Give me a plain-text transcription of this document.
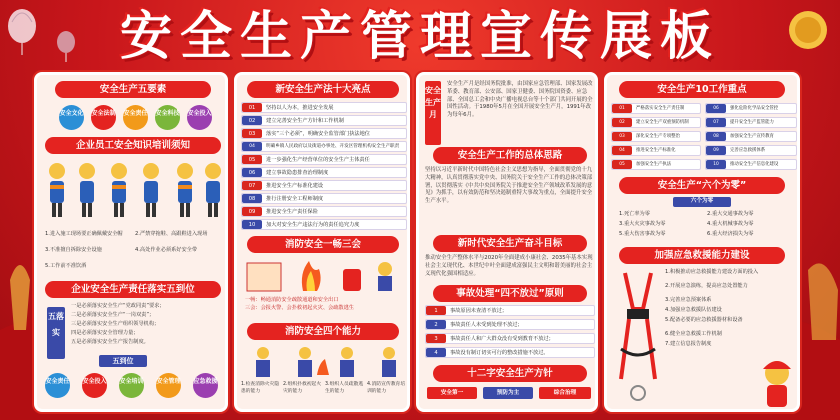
安全生产管理宣传展板
安全生产五要素
安全文化 安全法制 安全责任 安全科技 安全投入
企业员工安全知识培训须知
1.进入施工现场要正确佩戴安全帽	2.严禁穿拖鞋、高跟鞋进入现场
3.不准擅自拆除安全设施	4.高处作业必须系好安全带
5.工作前不准饮酒
企业安全生产责任落实五到位
五落实
一是必须落实安全生产“党政同责”要求；
二是必须落实安全生产“一岗双责”；
三是必须落实安全生产组织领导机构；
四是必须落实安全管理力量；
五是必须落实安全生产报告制度。
五到位
安全责任 安全投入 安全培训 安全管理 应急救援
新安全生产法十大亮点
01	坚持以人为本，推进安全发展
02	建立完善安全生产方针和工作机制
03	落实“三个必须”，明确安全监管部门执法地位
04	明确乡镇人民政府以及街道办事处、开发区管理机构安全生产职责
05	进一步强化生产经营单位的安全生产主体责任
06	建立事故隐患排查治理制度
07	推进安全生产标准化建设
08	推行注册安全工程师制度
09	推进安全生产责任保险
10	加大对安全生产违法行为的责任追究力度
消防安全一畅三会
一畅：畅通消防安全疏散通道和安全出口
三会：会报火警、会扑救初起火灾、会疏散逃生
消防安全四个能力
1.检查消除火灾隐患的能力
2.组织扑救初起火灾的能力
3.组织人员疏散逃生的能力
4.消防宣传教育培训的能力
安全生产月
安全生产月是经国务院批准，由国家应急管理部、国家发展改革委、教育部、公安部、国家卫健委、国务院国资委、应急部、全国总工会和中央广播电视总台等十个部门共同开展的全国性活动。于1980年5月在全国开展安全生产月，1991年改为每年6月。
安全生产工作的总体思路
坚持以习近平新时代中国特色社会主义思想为指导，全面贯彻党的十九大精神，认真贯彻落实党中央、国务院关于安全生产工作的总体决策部署，以贯彻落实《中共中央国务院关于推进安全生产领域改革发展的意见》为抓手，以有效防范和坚决遏制重特大事故为重点，全面提升安全生产水平。
新时代安全生产奋斗目标
推动安全生产整体水平与2020年全面建成小康社会、2035年基本实现社会主义现代化、本世纪中叶全面建成富强民主文明和谐美丽的社会主义现代化强国相适应。
事故处理“四不放过”原则
1	事故原因未查清不放过；
2	事故责任人未受到处理不放过；
3	事故责任人和广大群众没有受到教育不放过；
4	事故没有制订切实可行的整改措施不放过。
十二字安全生产方针
安全第一	预防为主	综合治理
安全生产10工作重点
01	严格落实安全生产责任制
02	建立安全生产双重预防机制
03	深化安全生产专项整治
04	推进安全生产标准化
05	加强安全生产执法
06	强化危险化学品安全管控
07	提升安全生产监管能力
08	加强安全生产宣传教育
09	完善应急救援体系
10	推动安全生产信息化建设
安全生产“六个为零”
六个为零
1.死亡率为零	2.重大交通事故为零
3.重大火灾事故为零	4.重大机械事故为零
5.重大伤害事故为零	6.重大经济损失为零
加强应急救援能力建设
1.积极推动应急救援能力建设方面的投入
2.开展应急演练，提高应急处置能力
3.完善应急预案体系
4.加强应急救援队伍建设
5.配备必要的应急救援器材和设备
6.健全应急救援工作机制
7.建立信息报告制度
